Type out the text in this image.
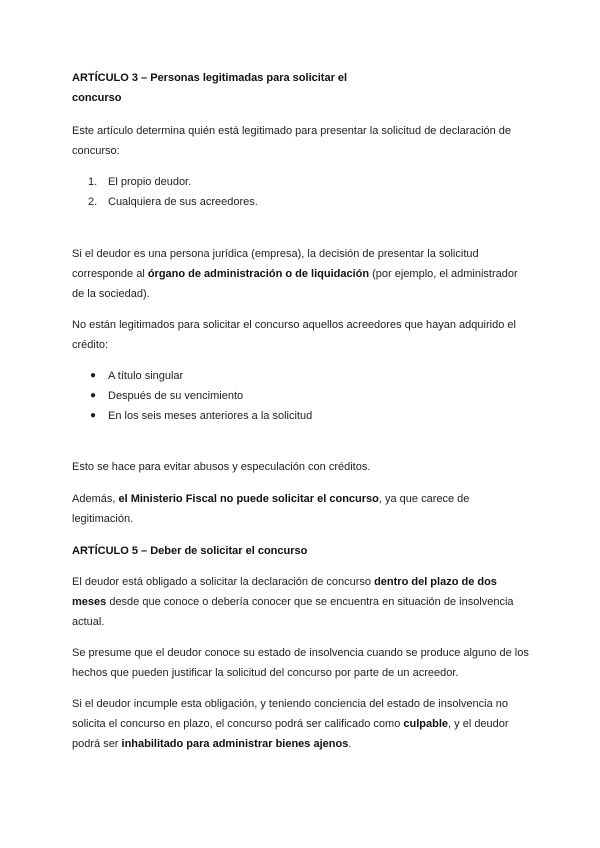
ARTÍCULO 3 – Personas legitimadas para solicitar el
concurso

Este artículo determina quién está legitimado para presentar la solicitud de declaración de concurso:

1. El propio deudor.
2. Cualquiera de sus acreedores.

Si el deudor es una persona jurídica (empresa), la decisión de presentar la solicitud corresponde al órgano de administración o de liquidación (por ejemplo, el administrador de la sociedad).

No están legitimados para solicitar el concurso aquellos acreedores que hayan adquirido el crédito:

● A título singular
● Después de su vencimiento
● En los seis meses anteriores a la solicitud

Esto se hace para evitar abusos y especulación con créditos.

Además, el Ministerio Fiscal no puede solicitar el concurso, ya que carece de legitimación.

ARTÍCULO 5 – Deber de solicitar el concurso

El deudor está obligado a solicitar la declaración de concurso dentro del plazo de dos meses desde que conoce o debería conocer que se encuentra en situación de insolvencia actual.

Se presume que el deudor conoce su estado de insolvencia cuando se produce alguno de los hechos que pueden justificar la solicitud del concurso por parte de un acreedor.

Si el deudor incumple esta obligación, y teniendo conciencia del estado de insolvencia no solicita el concurso en plazo, el concurso podrá ser calificado como culpable, y el deudor podrá ser inhabilitado para administrar bienes ajenos.
